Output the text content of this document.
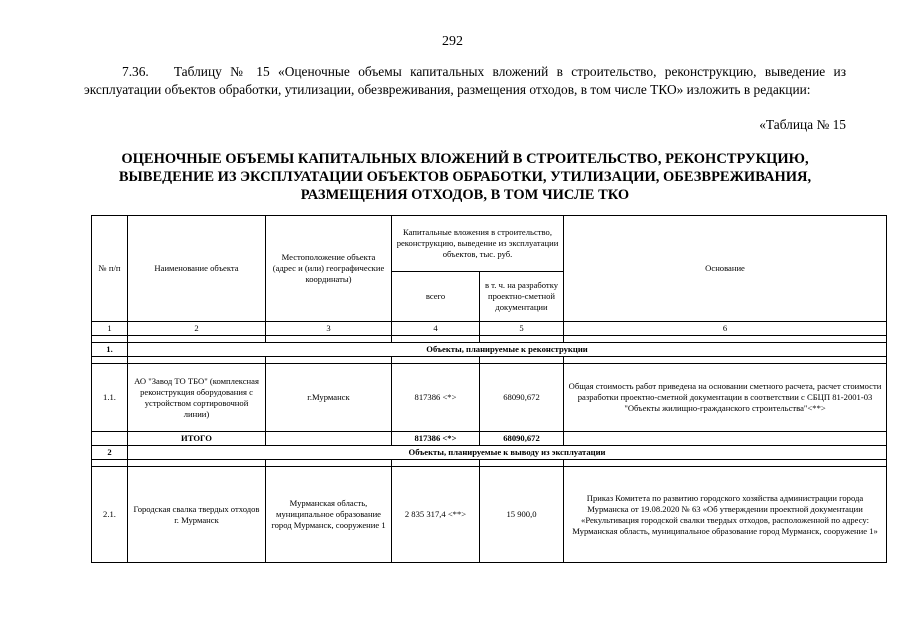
292
7.36.   Таблицу № 15 «Оценочные объемы капитальных вложений в строительство, реконструкцию, выведение из эксплуатации объектов обработки, утилизации, обезвреживания, размещения отходов, в том числе ТКО» изложить в редакции:
«Таблица № 15
ОЦЕНОЧНЫЕ ОБЪЕМЫ КАПИТАЛЬНЫХ ВЛОЖЕНИЙ В СТРОИТЕЛЬСТВО, РЕКОНСТРУКЦИЮ,
ВЫВЕДЕНИЕ ИЗ ЭКСПЛУАТАЦИИ ОБЪЕКТОВ ОБРАБОТКИ, УТИЛИЗАЦИИ, ОБЕЗВРЕЖИВАНИЯ,
РАЗМЕЩЕНИЯ ОТХОДОВ, В ТОМ ЧИСЛЕ ТКО
№ п/п	Наименование объекта	Местоположение объекта (адрес и (или) географические координаты)	Капитальные вложения в строительство, реконструкцию, выведение из эксплуатации объектов, тыс. руб.		Основание
			всего	в т. ч. на разработку проектно-сметной документации	
1	2	3	4	5	6

1.	Объекты, планируемые к реконструкции				

1.1.	АО "Завод ТО ТБО" (комплексная реконструкция оборудования с устройством сортировочной линии)	г.Мурманск	817386 <*>	68090,672	Общая стоимость работ приведена на основании сметного расчета, расчет стоимости разработки проектно-сметной документации в соответствии с СБЦП 81-2001-03 "Объекты жилищно-гражданского строительства"<**>
	ИТОГО		817386 <*>	68090,672	
2	Объекты, планируемые к выводу из эксплуатации				

2.1.	Городская свалка твердых отходов г. Мурманск	Мурманская область, муниципальное образование город Мурманск, сооружение 1	2 835 317,4 <**>	15 900,0	Приказ Комитета по развитию городского хозяйства администрации города Мурманска от 19.08.2020 № 63 «Об утверждении проектной документации «Рекультивация городской свалки твердых отходов, расположенной по адресу: Мурманская область, муниципальное образование город Мурманск, сооружение 1»
